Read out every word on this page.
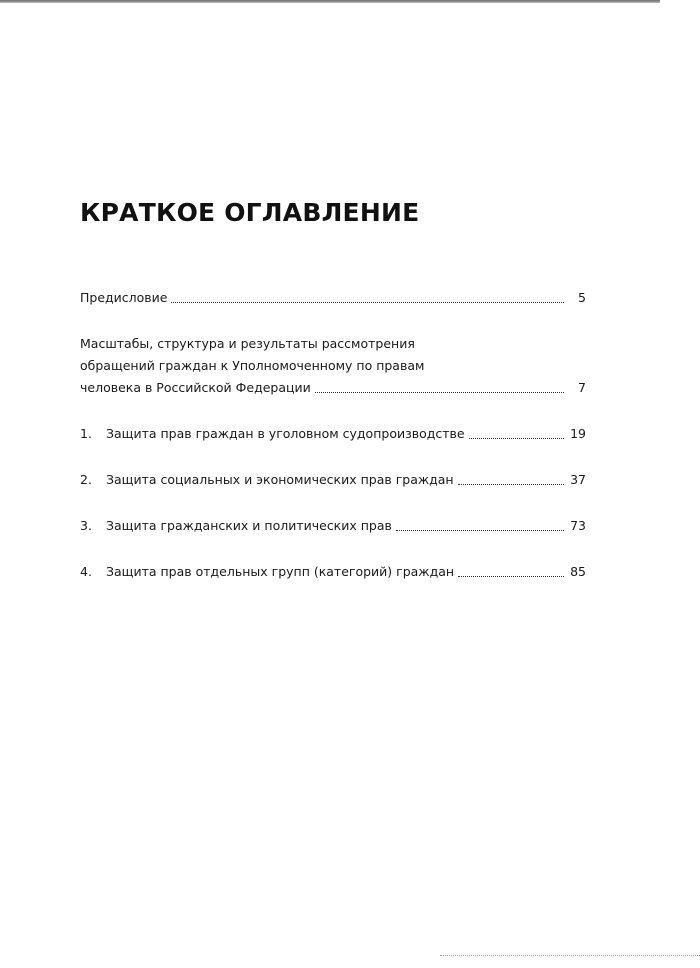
КРАТКОЕ ОГЛАВЛЕНИЕ
Предисловие	5
Масштабы, структура и результаты рассмотрения
обращений граждан к Уполномоченному по правам
человека в Российской Федерации	7
1. Защита прав граждан в уголовном судопроизводстве	19
2. Защита социальных и экономических прав граждан	37
3. Защита гражданских и политических прав	73
4. Защита прав отдельных групп (категорий) граждан	85
